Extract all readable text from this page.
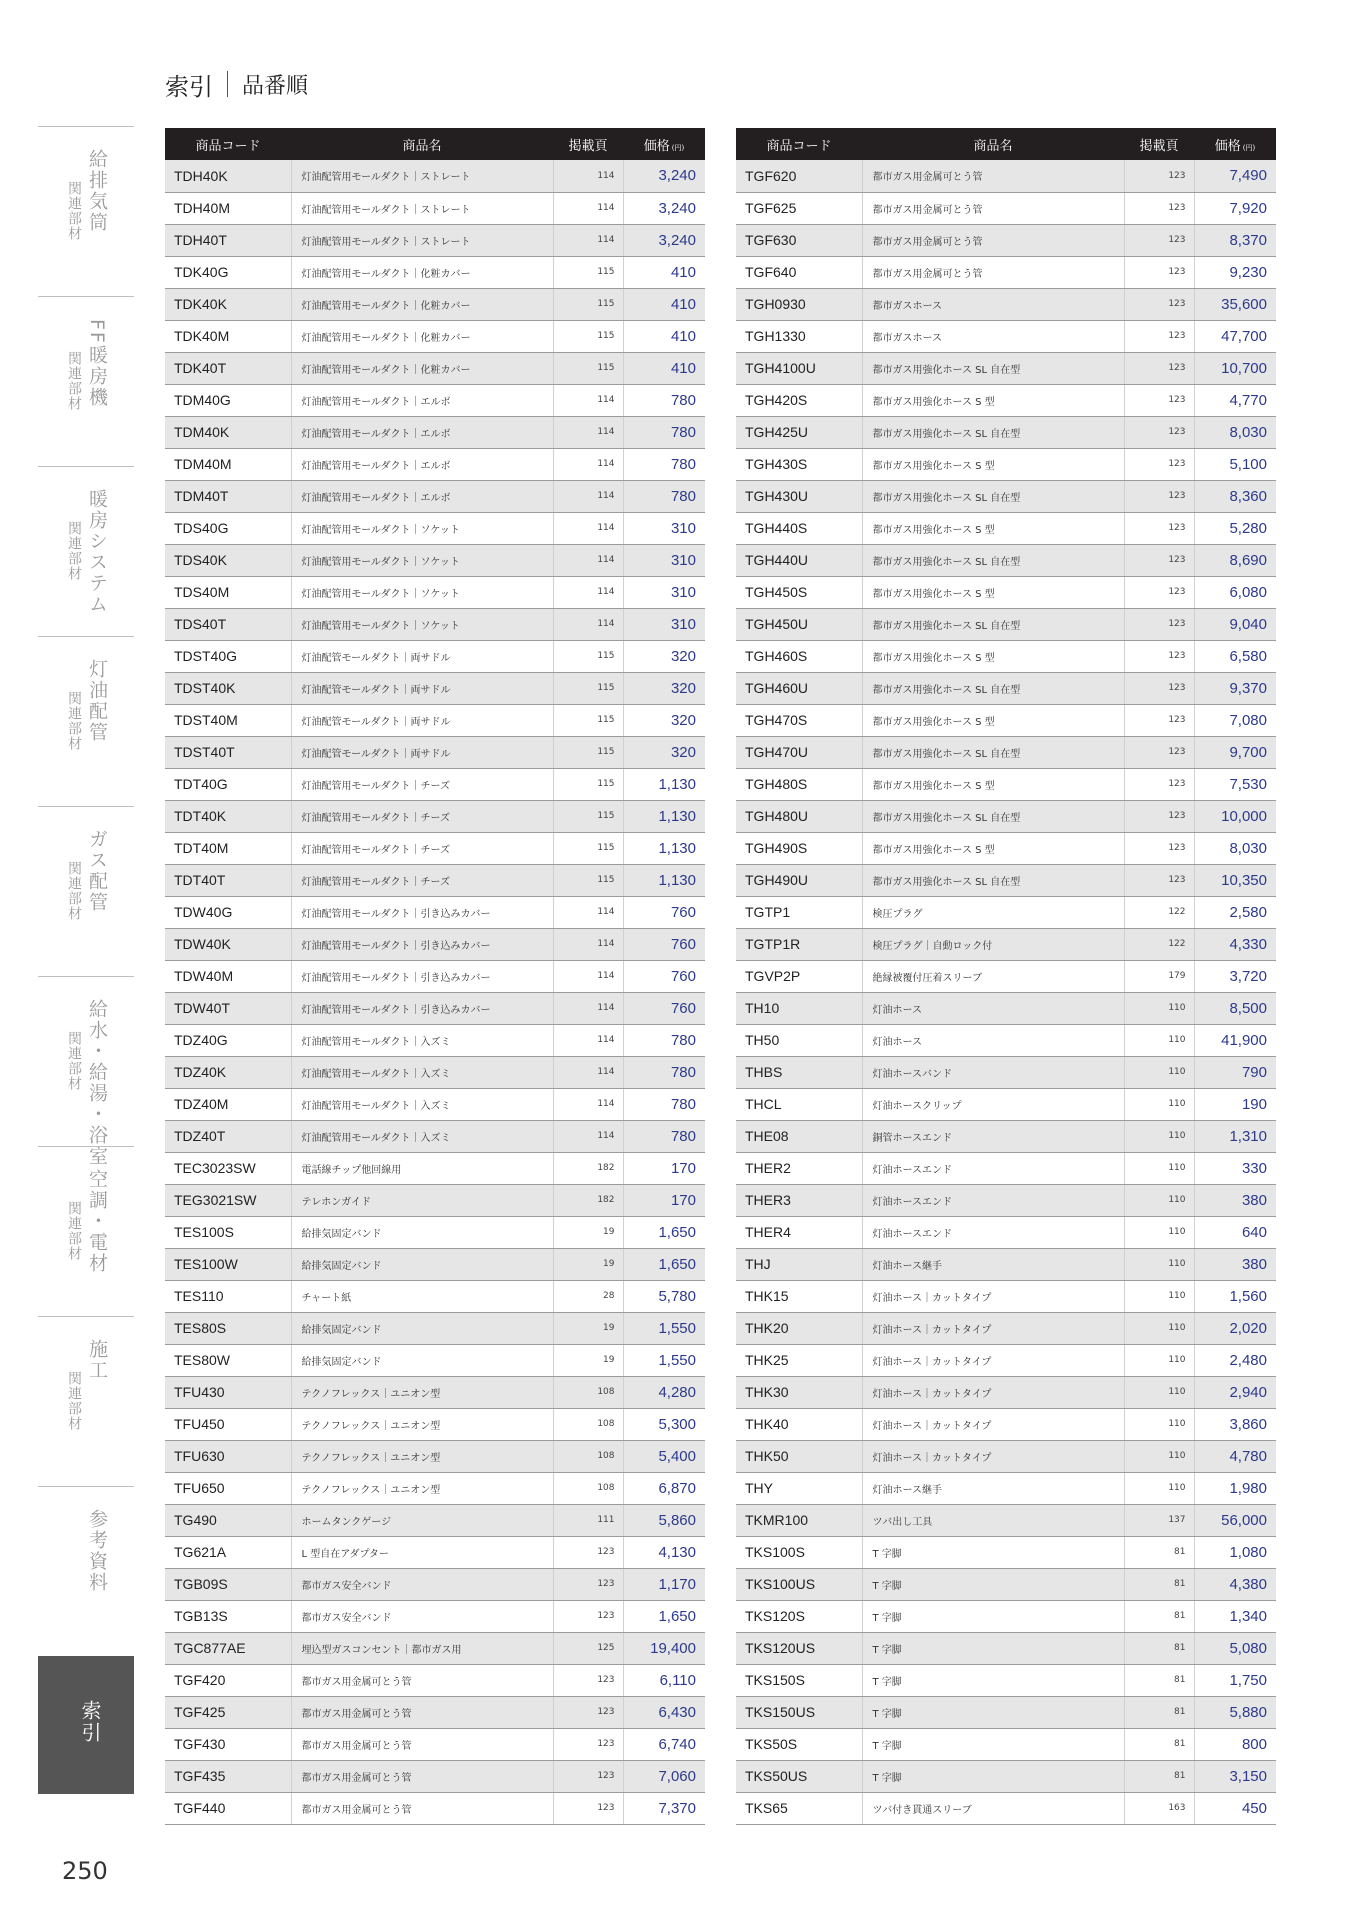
索引 品番順
給排気筒
関連部材
FF暖房機
関連部材
暖房システム
関連部材
灯油配管
関連部材
ガス配管
関連部材
給水・給湯・浴室
関連部材
空調・電材
関連部材
施工
関連部材
参考資料
索引
商品コード	商品名	掲載頁	価格 (円)
TDH40K	灯油配管用モールダクト｜ストレート	114	3,240
TDH40M	灯油配管用モールダクト｜ストレート	114	3,240
TDH40T	灯油配管用モールダクト｜ストレート	114	3,240
TDK40G	灯油配管用モールダクト｜化粧カバー	115	410
TDK40K	灯油配管用モールダクト｜化粧カバー	115	410
TDK40M	灯油配管用モールダクト｜化粧カバー	115	410
TDK40T	灯油配管用モールダクト｜化粧カバー	115	410
TDM40G	灯油配管用モールダクト｜エルボ	114	780
TDM40K	灯油配管用モールダクト｜エルボ	114	780
TDM40M	灯油配管用モールダクト｜エルボ	114	780
TDM40T	灯油配管用モールダクト｜エルボ	114	780
TDS40G	灯油配管用モールダクト｜ソケット	114	310
TDS40K	灯油配管用モールダクト｜ソケット	114	310
TDS40M	灯油配管用モールダクト｜ソケット	114	310
TDS40T	灯油配管用モールダクト｜ソケット	114	310
TDST40G	灯油配管モールダクト｜両サドル	115	320
TDST40K	灯油配管モールダクト｜両サドル	115	320
TDST40M	灯油配管モールダクト｜両サドル	115	320
TDST40T	灯油配管モールダクト｜両サドル	115	320
TDT40G	灯油配管用モールダクト｜チーズ	115	1,130
TDT40K	灯油配管用モールダクト｜チーズ	115	1,130
TDT40M	灯油配管用モールダクト｜チーズ	115	1,130
TDT40T	灯油配管用モールダクト｜チーズ	115	1,130
TDW40G	灯油配管用モールダクト｜引き込みカバー	114	760
TDW40K	灯油配管用モールダクト｜引き込みカバー	114	760
TDW40M	灯油配管用モールダクト｜引き込みカバー	114	760
TDW40T	灯油配管用モールダクト｜引き込みカバー	114	760
TDZ40G	灯油配管用モールダクト｜入ズミ	114	780
TDZ40K	灯油配管用モールダクト｜入ズミ	114	780
TDZ40M	灯油配管用モールダクト｜入ズミ	114	780
TDZ40T	灯油配管用モールダクト｜入ズミ	114	780
TEC3023SW	電話線チップ他回線用	182	170
TEG3021SW	テレホンガイド	182	170
TES100S	給排気固定バンド	19	1,650
TES100W	給排気固定バンド	19	1,650
TES110	チャート紙	28	5,780
TES80S	給排気固定バンド	19	1,550
TES80W	給排気固定バンド	19	1,550
TFU430	テクノフレックス｜ユニオン型	108	4,280
TFU450	テクノフレックス｜ユニオン型	108	5,300
TFU630	テクノフレックス｜ユニオン型	108	5,400
TFU650	テクノフレックス｜ユニオン型	108	6,870
TG490	ホームタンクゲージ	111	5,860
TG621A	L 型自在アダプター	123	4,130
TGB09S	都市ガス安全バンド	123	1,170
TGB13S	都市ガス安全バンド	123	1,650
TGC877AE	埋込型ガスコンセント｜都市ガス用	125	19,400
TGF420	都市ガス用金属可とう管	123	6,110
TGF425	都市ガス用金属可とう管	123	6,430
TGF430	都市ガス用金属可とう管	123	6,740
TGF435	都市ガス用金属可とう管	123	7,060
TGF440	都市ガス用金属可とう管	123	7,370
商品コード	商品名	掲載頁	価格 (円)
TGF620	都市ガス用金属可とう管	123	7,490
TGF625	都市ガス用金属可とう管	123	7,920
TGF630	都市ガス用金属可とう管	123	8,370
TGF640	都市ガス用金属可とう管	123	9,230
TGH0930	都市ガスホース	123	35,600
TGH1330	都市ガスホース	123	47,700
TGH4100U	都市ガス用強化ホース SL 自在型	123	10,700
TGH420S	都市ガス用強化ホース S 型	123	4,770
TGH425U	都市ガス用強化ホース SL 自在型	123	8,030
TGH430S	都市ガス用強化ホース S 型	123	5,100
TGH430U	都市ガス用強化ホース SL 自在型	123	8,360
TGH440S	都市ガス用強化ホース S 型	123	5,280
TGH440U	都市ガス用強化ホース SL 自在型	123	8,690
TGH450S	都市ガス用強化ホース S 型	123	6,080
TGH450U	都市ガス用強化ホース SL 自在型	123	9,040
TGH460S	都市ガス用強化ホース S 型	123	6,580
TGH460U	都市ガス用強化ホース SL 自在型	123	9,370
TGH470S	都市ガス用強化ホース S 型	123	7,080
TGH470U	都市ガス用強化ホース SL 自在型	123	9,700
TGH480S	都市ガス用強化ホース S 型	123	7,530
TGH480U	都市ガス用強化ホース SL 自在型	123	10,000
TGH490S	都市ガス用強化ホース S 型	123	8,030
TGH490U	都市ガス用強化ホース SL 自在型	123	10,350
TGTP1	検圧プラグ	122	2,580
TGTP1R	検圧プラグ｜自動ロック付	122	4,330
TGVP2P	絶縁被覆付圧着スリーブ	179	3,720
TH10	灯油ホース	110	8,500
TH50	灯油ホース	110	41,900
THBS	灯油ホースバンド	110	790
THCL	灯油ホースクリップ	110	190
THE08	銅管ホースエンド	110	1,310
THER2	灯油ホースエンド	110	330
THER3	灯油ホースエンド	110	380
THER4	灯油ホースエンド	110	640
THJ	灯油ホース継手	110	380
THK15	灯油ホース｜カットタイプ	110	1,560
THK20	灯油ホース｜カットタイプ	110	2,020
THK25	灯油ホース｜カットタイプ	110	2,480
THK30	灯油ホース｜カットタイプ	110	2,940
THK40	灯油ホース｜カットタイプ	110	3,860
THK50	灯油ホース｜カットタイプ	110	4,780
THY	灯油ホース継手	110	1,980
TKMR100	ツバ出し工具	137	56,000
TKS100S	T 字脚	81	1,080
TKS100US	T 字脚	81	4,380
TKS120S	T 字脚	81	1,340
TKS120US	T 字脚	81	5,080
TKS150S	T 字脚	81	1,750
TKS150US	T 字脚	81	5,880
TKS50S	T 字脚	81	800
TKS50US	T 字脚	81	3,150
TKS65	ツバ付き貫通スリーブ	163	450
250
